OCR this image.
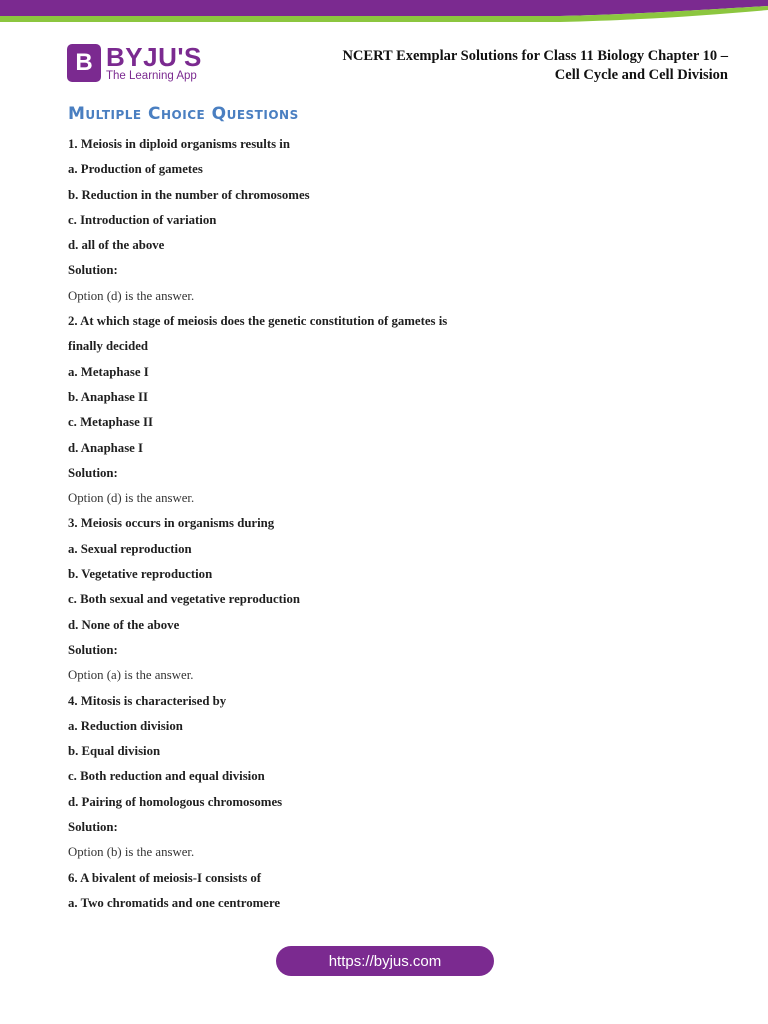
B BYJU'S
The Learning App
NCERT Exemplar Solutions for Class 11 Biology Chapter 10 –
Cell Cycle and Cell Division
Multiple Choice Questions
1. Meiosis in diploid organisms results in
a. Production of gametes
b. Reduction in the number of chromosomes
c. Introduction of variation
d. all of the above
Solution:
Option (d) is the answer.
2. At which stage of meiosis does the genetic constitution of gametes is
finally decided
a. Metaphase I
b. Anaphase II
c. Metaphase II
d. Anaphase I
Solution:
Option (d) is the answer.
3. Meiosis occurs in organisms during
a. Sexual reproduction
b. Vegetative reproduction
c. Both sexual and vegetative reproduction
d. None of the above
Solution:
Option (a) is the answer.
4. Mitosis is characterised by
a. Reduction division
b. Equal division
c. Both reduction and equal division
d. Pairing of homologous chromosomes
Solution:
Option (b) is the answer.
6. A bivalent of meiosis-I consists of
a. Two chromatids and one centromere
https://byjus.com
